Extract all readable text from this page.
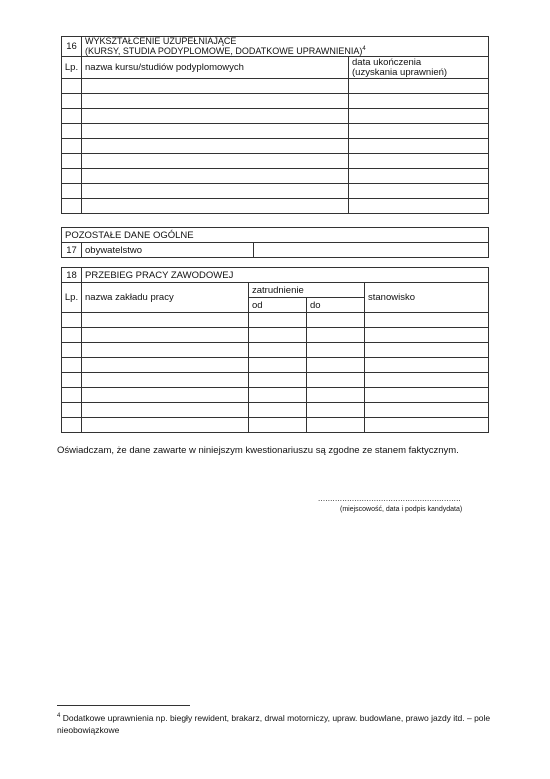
16	WYKSZTAŁCENIE UZUPEŁNIAJĄCE
(KURSY, STUDIA PODYPLOMOWE, DODATKOWE UPRAWNIENIA)$^4$
Lp.	nazwa kursu/studiów podyplomowych	data ukończenia
(uzyskania uprawnień)

POZOSTAŁE DANE OGÓLNE
17	obywatelstwo	
18	PRZEBIEG PRACY ZAWODOWEJ			
Lp.	nazwa zakładu pracy	zatrudnienie		stanowisko
		od	do	

Oświadczam, że dane zawarte w niniejszym kwestionariuszu są zgodne ze stanem faktycznym.
...........................................................
(miejscowość, data i podpis kandydata)
$^4$ Dodatkowe uprawnienia np. biegły rewident, brakarz, drwal motorniczy, upraw. budowlane, prawo jazdy itd. – pole nieobowiązkowe
